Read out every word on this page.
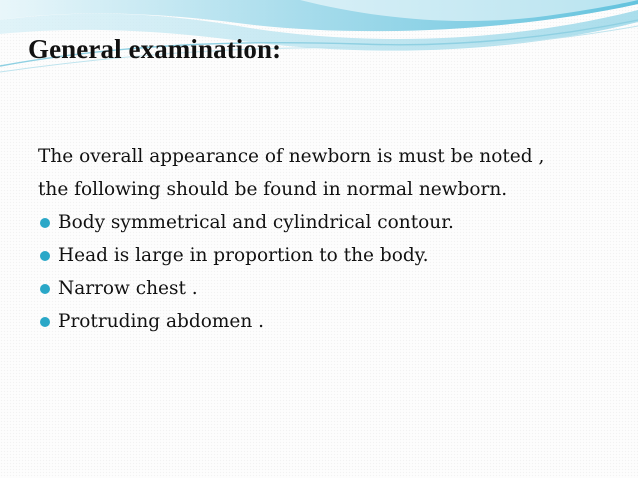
General examination:

The overall appearance of newborn is must be noted ,
the following should be found in normal newborn.

Body symmetrical and cylindrical contour.
Head is large in proportion to the body.
Narrow chest .
Protruding abdomen .
